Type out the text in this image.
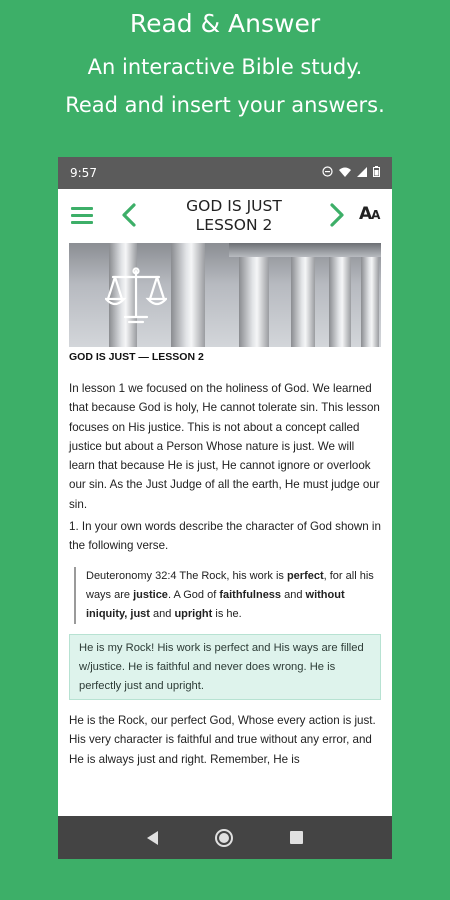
Read & Answer
An interactive Bible study.
Read and insert your answers.
9:57
GOD IS JUST
LESSON 2
AA
GOD IS JUST — LESSON 2
In lesson 1 we focused on the holiness of God. We learned that because God is holy, He cannot tolerate sin. This lesson focuses on His justice. This is not about a concept called justice but about a Person Whose nature is just. We will learn that because He is just, He cannot ignore or overlook our sin. As the Just Judge of all the earth, He must judge our sin.
1. In your own words describe the character of God shown in the following verse.
Deuteronomy 32:4 The Rock, his work is perfect, for all his ways are justice. A God of faithfulness and without iniquity, just and upright is he.
He is my Rock! His work is perfect and His ways are filled w/justice. He is faithful and never does wrong. He is perfectly just and upright.
He is the Rock, our perfect God, Whose every action is just. His very character is faithful and true without any error, and He is always just and right. Remember, He is
